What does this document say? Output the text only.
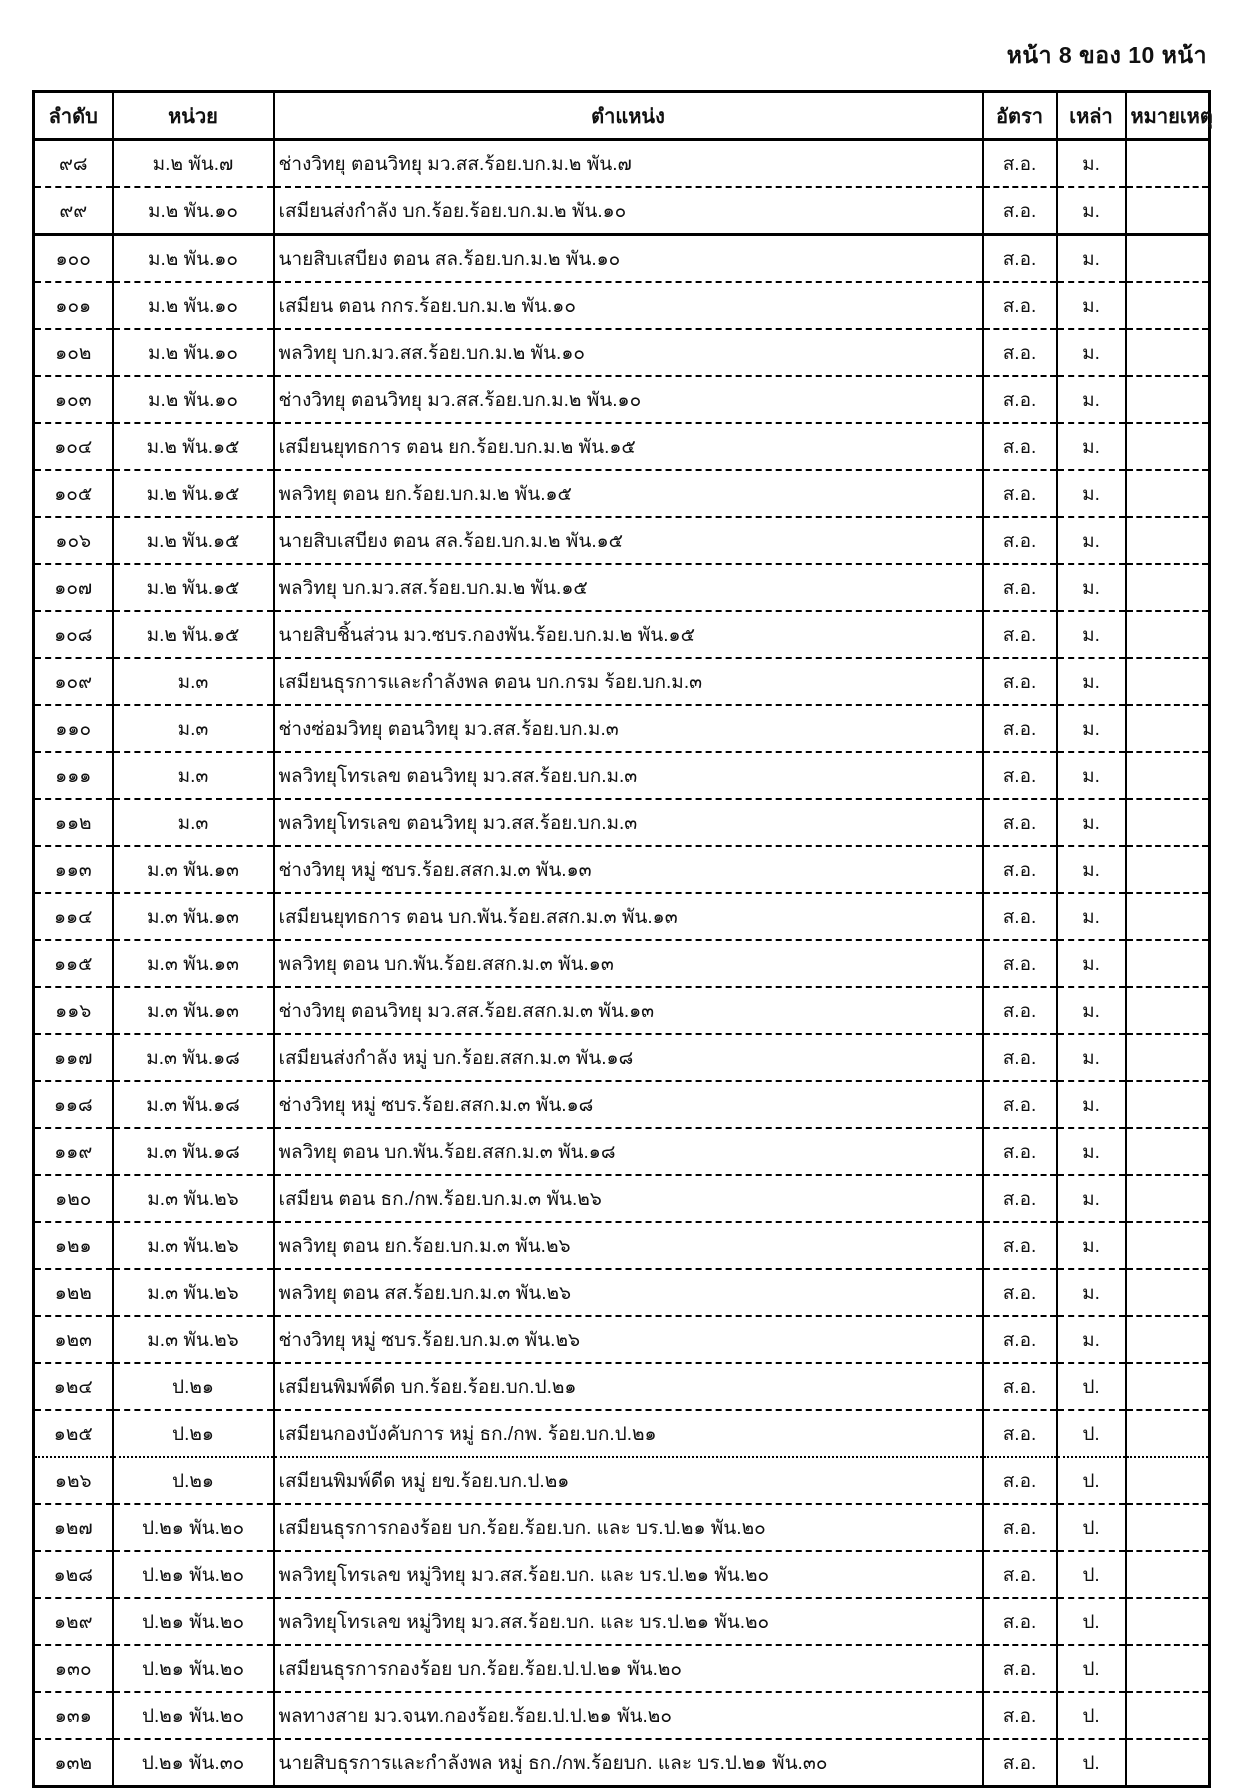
หน้า 8 ของ 10 หน้า
ลำดับ	หน่วย	ตำแหน่ง	อัตรา	เหล่า	หมายเหตุ
๙๘	ม.๒ พัน.๗	ช่างวิทยุ ตอนวิทยุ มว.สส.ร้อย.บก.ม.๒ พัน.๗	ส.อ.	ม.	
๙๙	ม.๒ พัน.๑๐	เสมียนส่งกำลัง บก.ร้อย.ร้อย.บก.ม.๒ พัน.๑๐	ส.อ.	ม.	
๑๐๐	ม.๒ พัน.๑๐	นายสิบเสบียง ตอน สล.ร้อย.บก.ม.๒ พัน.๑๐	ส.อ.	ม.	
๑๐๑	ม.๒ พัน.๑๐	เสมียน ตอน กกร.ร้อย.บก.ม.๒ พัน.๑๐	ส.อ.	ม.	
๑๐๒	ม.๒ พัน.๑๐	พลวิทยุ บก.มว.สส.ร้อย.บก.ม.๒ พัน.๑๐	ส.อ.	ม.	
๑๐๓	ม.๒ พัน.๑๐	ช่างวิทยุ ตอนวิทยุ มว.สส.ร้อย.บก.ม.๒ พัน.๑๐	ส.อ.	ม.	
๑๐๔	ม.๒ พัน.๑๕	เสมียนยุทธการ ตอน ยก.ร้อย.บก.ม.๒ พัน.๑๕	ส.อ.	ม.	
๑๐๕	ม.๒ พัน.๑๕	พลวิทยุ ตอน ยก.ร้อย.บก.ม.๒ พัน.๑๕	ส.อ.	ม.	
๑๐๖	ม.๒ พัน.๑๕	นายสิบเสบียง ตอน สล.ร้อย.บก.ม.๒ พัน.๑๕	ส.อ.	ม.	
๑๐๗	ม.๒ พัน.๑๕	พลวิทยุ บก.มว.สส.ร้อย.บก.ม.๒ พัน.๑๕	ส.อ.	ม.	
๑๐๘	ม.๒ พัน.๑๕	นายสิบชิ้นส่วน มว.ซบร.กองพัน.ร้อย.บก.ม.๒ พัน.๑๕	ส.อ.	ม.	
๑๐๙	ม.๓	เสมียนธุรการและกำลังพล ตอน บก.กรม ร้อย.บก.ม.๓	ส.อ.	ม.	
๑๑๐	ม.๓	ช่างซ่อมวิทยุ ตอนวิทยุ มว.สส.ร้อย.บก.ม.๓	ส.อ.	ม.	
๑๑๑	ม.๓	พลวิทยุโทรเลข ตอนวิทยุ มว.สส.ร้อย.บก.ม.๓	ส.อ.	ม.	
๑๑๒	ม.๓	พลวิทยุโทรเลข ตอนวิทยุ มว.สส.ร้อย.บก.ม.๓	ส.อ.	ม.	
๑๑๓	ม.๓ พัน.๑๓	ช่างวิทยุ หมู่ ซบร.ร้อย.สสก.ม.๓ พัน.๑๓	ส.อ.	ม.	
๑๑๔	ม.๓ พัน.๑๓	เสมียนยุทธการ ตอน บก.พัน.ร้อย.สสก.ม.๓ พัน.๑๓	ส.อ.	ม.	
๑๑๕	ม.๓ พัน.๑๓	พลวิทยุ ตอน บก.พัน.ร้อย.สสก.ม.๓ พัน.๑๓	ส.อ.	ม.	
๑๑๖	ม.๓ พัน.๑๓	ช่างวิทยุ ตอนวิทยุ มว.สส.ร้อย.สสก.ม.๓ พัน.๑๓	ส.อ.	ม.	
๑๑๗	ม.๓ พัน.๑๘	เสมียนส่งกำลัง หมู่ บก.ร้อย.สสก.ม.๓ พัน.๑๘	ส.อ.	ม.	
๑๑๘	ม.๓ พัน.๑๘	ช่างวิทยุ หมู่ ซบร.ร้อย.สสก.ม.๓ พัน.๑๘	ส.อ.	ม.	
๑๑๙	ม.๓ พัน.๑๘	พลวิทยุ ตอน บก.พัน.ร้อย.สสก.ม.๓ พัน.๑๘	ส.อ.	ม.	
๑๒๐	ม.๓ พัน.๒๖	เสมียน ตอน ธก./กพ.ร้อย.บก.ม.๓ พัน.๒๖	ส.อ.	ม.	
๑๒๑	ม.๓ พัน.๒๖	พลวิทยุ ตอน ยก.ร้อย.บก.ม.๓ พัน.๒๖	ส.อ.	ม.	
๑๒๒	ม.๓ พัน.๒๖	พลวิทยุ ตอน สส.ร้อย.บก.ม.๓ พัน.๒๖	ส.อ.	ม.	
๑๒๓	ม.๓ พัน.๒๖	ช่างวิทยุ หมู่ ซบร.ร้อย.บก.ม.๓ พัน.๒๖	ส.อ.	ม.	
๑๒๔	ป.๒๑	เสมียนพิมพ์ดีด บก.ร้อย.ร้อย.บก.ป.๒๑	ส.อ.	ป.	
๑๒๕	ป.๒๑	เสมียนกองบังคับการ หมู่ ธก./กพ. ร้อย.บก.ป.๒๑	ส.อ.	ป.	
๑๒๖	ป.๒๑	เสมียนพิมพ์ดีด หมู่ ยข.ร้อย.บก.ป.๒๑	ส.อ.	ป.	
๑๒๗	ป.๒๑ พัน.๒๐	เสมียนธุรการกองร้อย บก.ร้อย.ร้อย.บก. และ บร.ป.๒๑ พัน.๒๐	ส.อ.	ป.	
๑๒๘	ป.๒๑ พัน.๒๐	พลวิทยุโทรเลข หมู่วิทยุ มว.สส.ร้อย.บก. และ บร.ป.๒๑ พัน.๒๐	ส.อ.	ป.	
๑๒๙	ป.๒๑ พัน.๒๐	พลวิทยุโทรเลข หมู่วิทยุ มว.สส.ร้อย.บก. และ บร.ป.๒๑ พัน.๒๐	ส.อ.	ป.	
๑๓๐	ป.๒๑ พัน.๒๐	เสมียนธุรการกองร้อย บก.ร้อย.ร้อย.ป.ป.๒๑ พัน.๒๐	ส.อ.	ป.	
๑๓๑	ป.๒๑ พัน.๒๐	พลทางสาย มว.จนท.กองร้อย.ร้อย.ป.ป.๒๑ พัน.๒๐	ส.อ.	ป.	
๑๓๒	ป.๒๑ พัน.๓๐	นายสิบธุรการและกำลังพล หมู่ ธก./กพ.ร้อยบก. และ บร.ป.๒๑ พัน.๓๐	ส.อ.	ป.	
